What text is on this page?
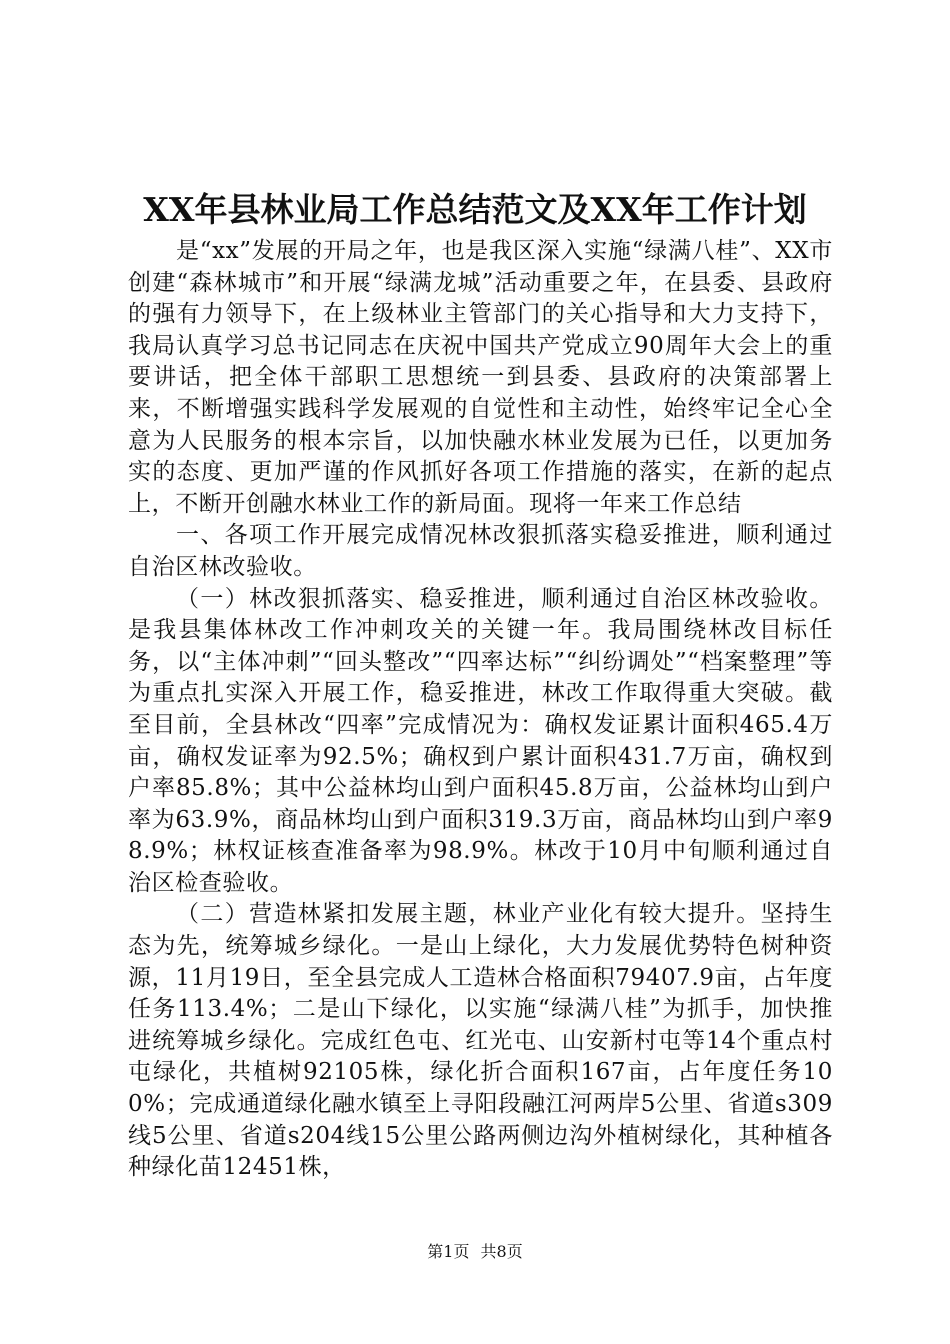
XX年县林业局工作总结范文及XX年工作计划

是“xx”发展的开局之年，也是我区深入实施“绿满八桂”、XX市创建“森林城市”和开展“绿满龙城”活动重要之年，在县委、县政府的强有力领导下，在上级林业主管部门的关心指导和大力支持下，我局认真学习总书记同志在庆祝中国共产党成立90周年大会上的重要讲话，把全体干部职工思想统一到县委、县政府的决策部署上来，不断增强实践科学发展观的自觉性和主动性，始终牢记全心全意为人民服务的根本宗旨，以加快融水林业发展为已任，以更加务实的态度、更加严谨的作风抓好各项工作措施的落实，在新的起点上，不断开创融水林业工作的新局面。现将一年来工作总结

一、各项工作开展完成情况林改狠抓落实稳妥推进，顺利通过自治区林改验收。

（一）林改狠抓落实、稳妥推进，顺利通过自治区林改验收。是我县集体林改工作冲刺攻关的关键一年。我局围绕林改目标任务，以“主体冲刺”“回头整改”“四率达标”“纠纷调处”“档案整理”等为重点扎实深入开展工作，稳妥推进，林改工作取得重大突破。截至目前，全县林改“四率”完成情况为：确权发证累计面积465.4万亩，确权发证率为92.5%；确权到户累计面积431.7万亩，确权到户率85.8%；其中公益林均山到户面积45.8万亩，公益林均山到户率为63.9%，商品林均山到户面积319.3万亩，商品林均山到户率98.9%；林权证核查准备率为98.9%。林改于10月中旬顺利通过自治区检查验收。

（二）营造林紧扣发展主题，林业产业化有较大提升。坚持生态为先，统筹城乡绿化。一是山上绿化，大力发展优势特色树种资源，11月19日，至全县完成人工造林合格面积79407.9亩，占年度任务113.4%；二是山下绿化，以实施“绿满八桂”为抓手，加快推进统筹城乡绿化。完成红色屯、红光屯、山安新村屯等14个重点村屯绿化，共植树92105株，绿化折合面积167亩，占年度任务100%；完成通道绿化融水镇至上寻阳段融江河两岸5公里、省道s309线5公里、省道s204线15公里公路两侧边沟外植树绿化，其种植各种绿化苗12451株，

第1页 共8页
